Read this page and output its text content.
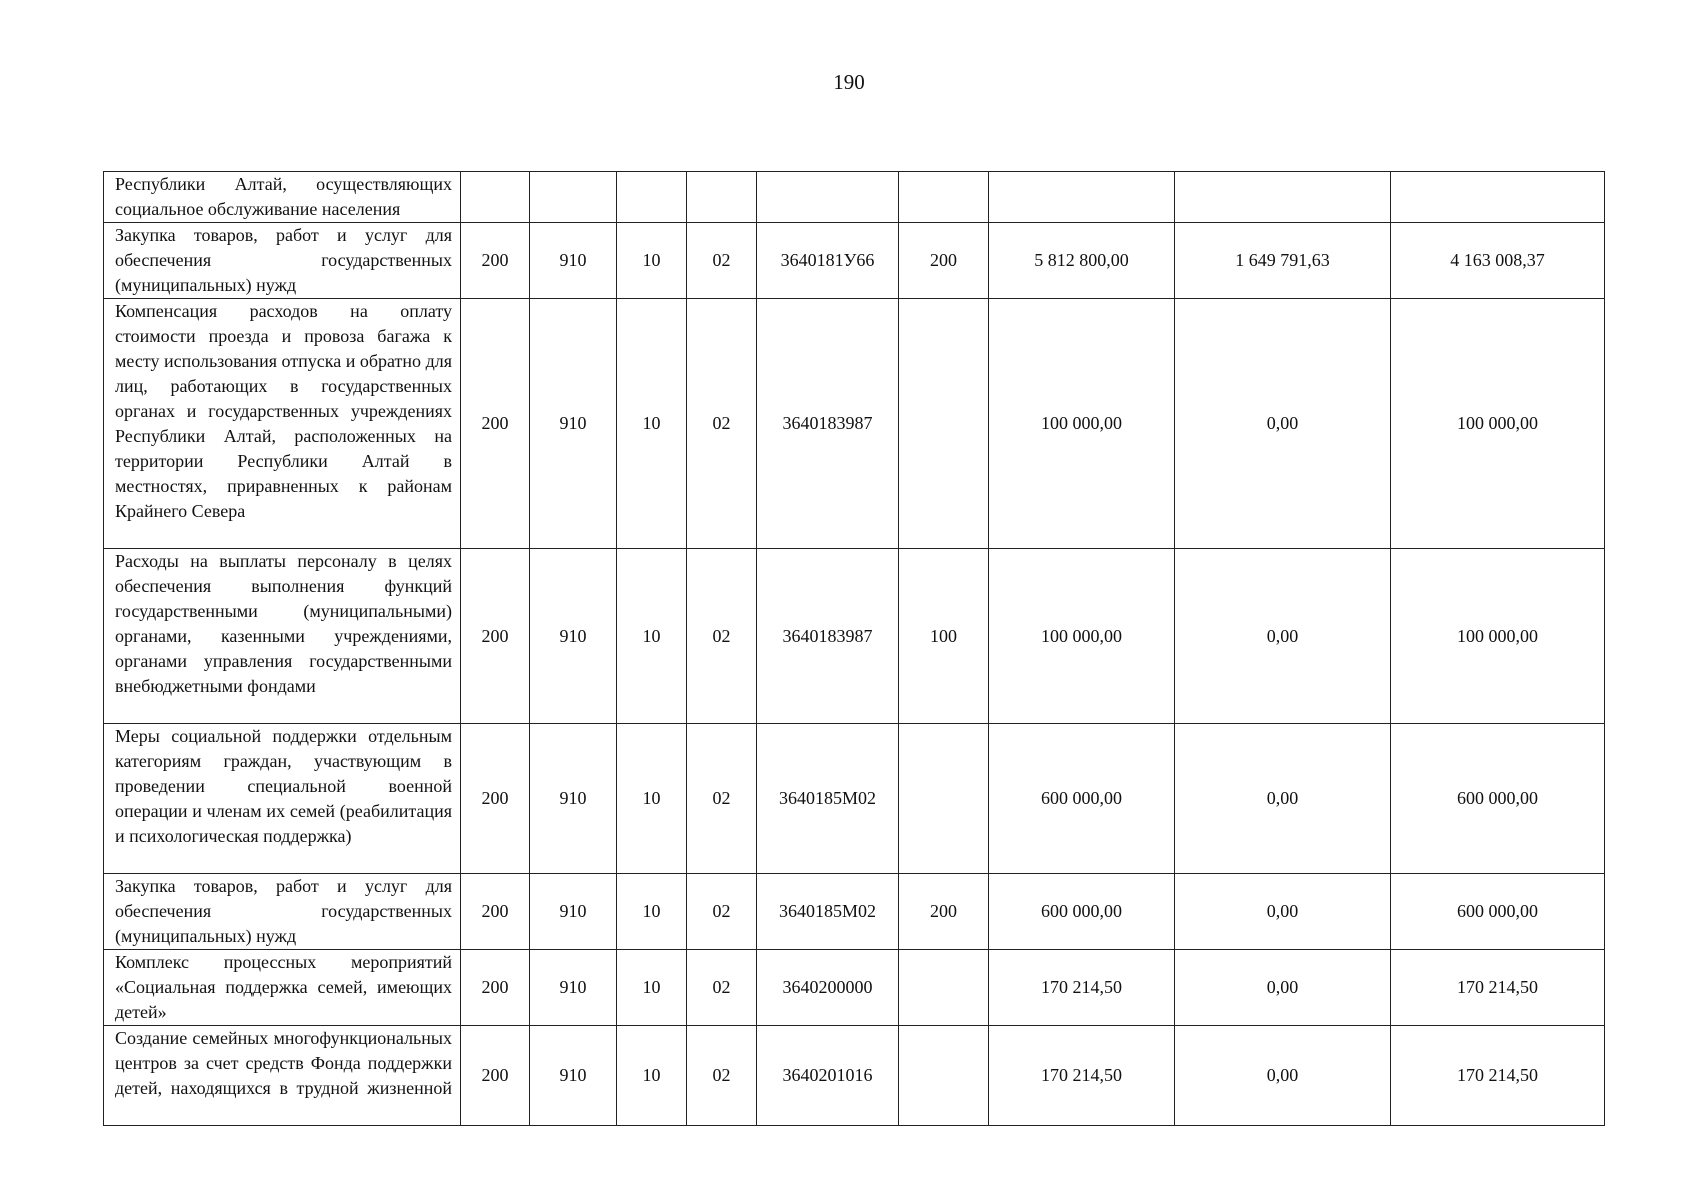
190
Республики Алтай, осуществляющих социальное обслуживание населения									
Закупка товаров, работ и услуг для обеспечения государственных (муниципальных) нужд	200	910	10	02	3640181У66	200	5 812 800,00	1 649 791,63	4 163 008,37
Компенсация расходов на оплату стоимости проезда и провоза багажа к месту использования отпуска и обратно для лиц, работающих в государственных органах и государственных учреждениях Республики Алтай, расположенных на территории Республики Алтай в местностях, приравненных к районам Крайнего Севера	200	910	10	02	3640183987		100 000,00	0,00	100 000,00
Расходы на выплаты персоналу в целях обеспечения выполнения функций государственными (муниципальными) органами, казенными учреждениями, органами управления государственными внебюджетными фондами	200	910	10	02	3640183987	100	100 000,00	0,00	100 000,00
Меры социальной поддержки отдельным категориям граждан, участвующим в проведении специальной военной операции и членам их семей (реабилитация и психологическая поддержка)	200	910	10	02	3640185М02		600 000,00	0,00	600 000,00
Закупка товаров, работ и услуг для обеспечения государственных (муниципальных) нужд	200	910	10	02	3640185М02	200	600 000,00	0,00	600 000,00
Комплекс процессных мероприятий «Социальная поддержка семей, имеющих детей»	200	910	10	02	3640200000		170 214,50	0,00	170 214,50
Создание семейных многофункциональных центров за счет средств Фонда поддержки детей, находящихся в трудной жизненной	200	910	10	02	3640201016		170 214,50	0,00	170 214,50
